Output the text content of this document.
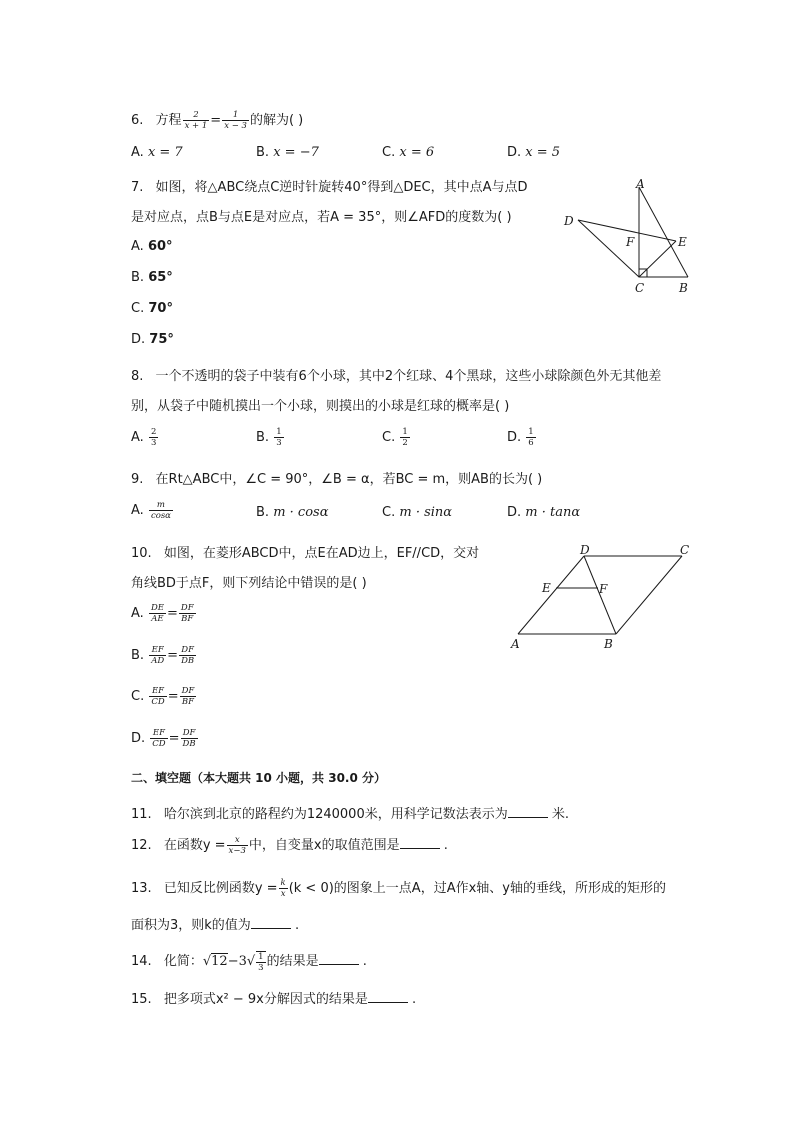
6. 方程 $\frac{2}{x + 1} = \frac{1}{x - 3}$ 的解为( )
A. x = 7	B. x = −7	C. x = 6	D. x = 5
7. 如图，将△ABC绕点C逆时针旋转40°得到△DEC，其中点A与点D
是对应点，点B与点E是对应点，若A = 35°，则∠AFD的度数为( )
A. 60°
B. 65°
C. 70°
D. 75°
A
D
F	E
C	B
8. 一个不透明的袋子中装有6个小球，其中2个红球、4个黑球，这些小球除颜色外无其他差
别，从袋子中随机摸出一个小球，则摸出的小球是红球的概率是( )
A. $\frac{2}{3}$	B. $\frac{1}{3}$	C. $\frac{1}{2}$	D. $\frac{1}{6}$
9. 在Rt△ABC中，∠C = 90°，∠B = α，若BC = m，则AB的长为( )
A. $\frac{m}{\cos\alpha}$	B. m · cosα	C. m · sinα	D. m · tanα
10. 如图，在菱形ABCD中，点E在AD边上，EF//CD，交对
角线BD于点F，则下列结论中错误的是( )
A. $\frac{DE}{AE} = \frac{DF}{BF}$
B. $\frac{EF}{AD} = \frac{DF}{DB}$
C. $\frac{EF}{CD} = \frac{DF}{BF}$
D. $\frac{EF}{CD} = \frac{DF}{DB}$
A	B
D	C
E	F
二、填空题（本大题共 10 小题，共 30.0 分）
11. 哈尔滨到北京的路程约为1240000米，用科学记数法表示为	米.
12. 在函数$y = \frac{x}{x-3}$ 中，自变量x的取值范围是	.
13. 已知反比例函数$y = \frac{k}{x} (k < 0)$的图象上一点A，过A作x轴、y轴的垂线，所形成的矩形的
面积为3，则k的值为	.
14. 化简：$√12-3√ \frac{1}{3}$ 的结果是	.
15. 把多项式x² − 9x分解因式的结果是	.
